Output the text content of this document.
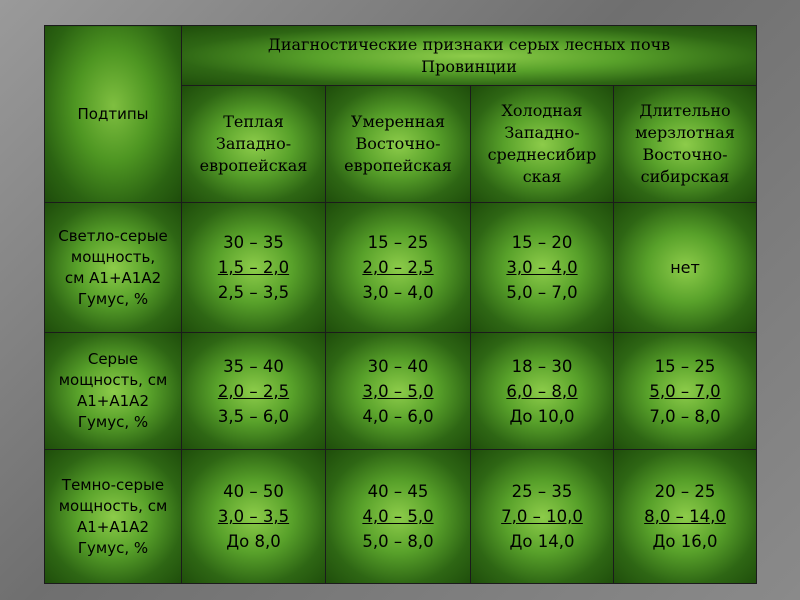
Подтипы	Диагностические признаки серых лесных почв
Провинции			

	Теплая
Западно-
европейская	Умеренная
Восточно-
европейская	Холодная
Западно-
среднесибир
ская	Длительно
мерзлотная
Восточно-
сибирская

Светло-серые
мощность,
см А1+А1А2
Гумус, %	30 – 35
1,5 – 2,0
2,5 – 3,5	15 – 25
2,0 – 2,5
3,0 – 4,0	15 – 20
3,0 – 4,0
5,0 – 7,0	нет

Серые
мощность, см
А1+А1А2
Гумус, %	35 – 40
2,0 – 2,5
3,5 – 6,0	30 – 40
3,0 – 5,0
4,0 – 6,0	18 – 30
6,0 – 8,0
До 10,0	15 – 25
5,0 – 7,0
7,0 – 8,0

Темно-серые
мощность, см
А1+А1А2
Гумус, %	40 – 50
3,0 – 3,5
До 8,0	40 – 45
4,0 – 5,0
5,0 – 8,0	25 – 35
7,0 – 10,0
До 14,0	20 – 25
8,0 – 14,0
До 16,0
